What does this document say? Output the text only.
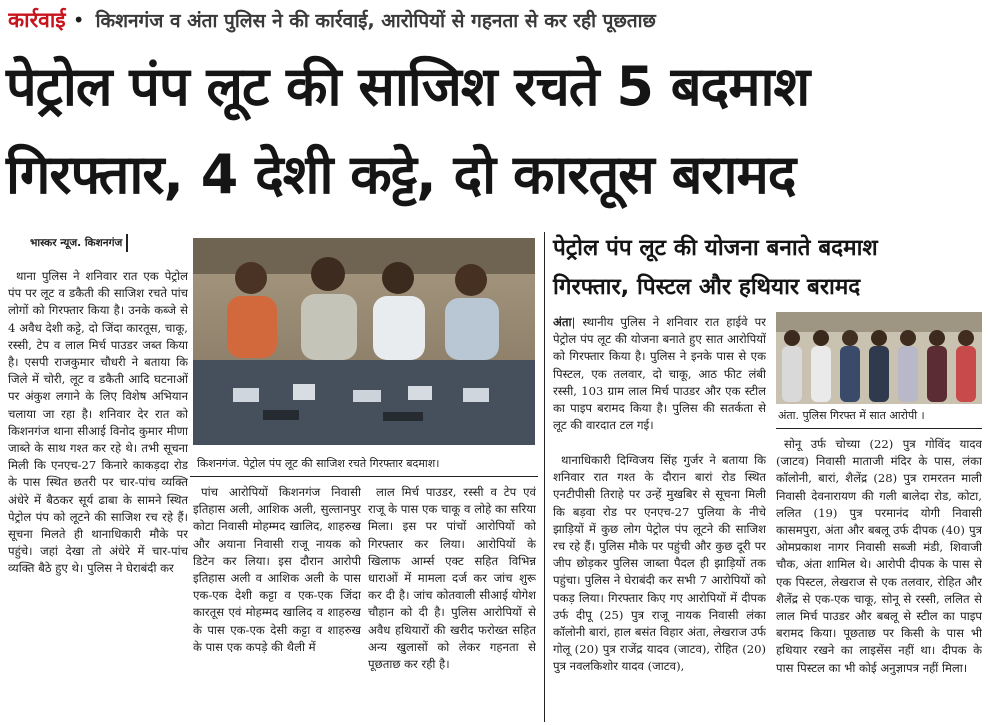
कार्रवाई • किशनगंज व अंता पुलिस ने की कार्रवाई, आरोपियों से गहनता से कर रही पूछताछ
पेट्रोल पंप लूट की साजिश रचते 5 बदमाश
गिरफ्तार, 4 देशी कट्टे, दो कारतूस बरामद
भास्कर न्यूज. किशनगंज

थाना पुलिस ने शनिवार रात एक पेट्रोल पंप पर लूट व डकैती की साजिश रचते पांच लोगों को गिरफ्तार किया है। उनके कब्जे से 4 अवैध देशी कट्टे, दो जिंदा कारतूस, चाकू, रस्सी, टेप व लाल मिर्च पाउडर जब्त किया है। एसपी राजकुमार चौधरी ने बताया कि जिले में चोरी, लूट व डकैती आदि घटनाओं पर अंकुश लगाने के लिए विशेष अभियान चलाया जा रहा है। शनिवार देर रात को किशनगंज थाना सीआई विनोद कुमार मीणा जाब्ते के साथ गश्त कर रहे थे। तभी सूचना मिली कि एनएच-27 किनारे काकड़दा रोड के पास स्थित छतरी पर चार-पांच व्यक्ति अंधेरे में बैठकर सूर्य ढाबा के सामने स्थित पेट्रोल पंप को लूटने की साजिश रच रहे हैं। सूचना मिलते ही थानाधिकारी मौके पर पहुंचे। जहां देखा तो अंधेरे में चार-पांच व्यक्ति बैठे हुए थे। पुलिस ने घेराबंदी कर

किशनगंज. पेट्रोल पंप लूट की साजिश रचते गिरफ्तार बदमाश।

पांच आरोपियों किशनगंज निवासी इतिहास अली, आशिक अली, सुल्तानपुर कोटा निवासी मोहम्मद खालिद, शाहरुख और अयाना निवासी राजू नायक को डिटेन कर लिया। इस दौरान आरोपी इतिहास अली व आशिक अली के पास एक-एक देशी कट्टा व एक-एक जिंदा कारतूस एवं मोहम्मद खालिद व शाहरुख के पास एक-एक देसी कट्टा व शाहरुख के पास एक कपड़े की थैली में

लाल मिर्च पाउडर, रस्सी व टेप एवं राजू के पास एक चाकू व लोहे का सरिया मिला। इस पर पांचों आरोपियों को गिरफ्तार कर लिया। आरोपियों के खिलाफ आर्म्स एक्ट सहित विभिन्न धाराओं में मामला दर्ज कर जांच शुरू कर दी है। जांच कोतवाली सीआई योगेश चौहान को दी है। पुलिस आरोपियों से अवैध हथियारों की खरीद फरोख्त सहित अन्य खुलासों को लेकर गहनता से पूछताछ कर रही है।

पेट्रोल पंप लूट की योजना बनाते बदमाश
गिरफ्तार, पिस्टल और हथियार बरामद

अंता| स्थानीय पुलिस ने शनिवार रात हाईवे पर पेट्रोल पंप लूट की योजना बनाते हुए सात आरोपियों को गिरफ्तार किया है। पुलिस ने इनके पास से एक पिस्टल, एक तलवार, दो चाकू, आठ फीट लंबी रस्सी, 103 ग्राम लाल मिर्च पाउडर और एक स्टील का पाइप बरामद किया है। पुलिस की सतर्कता से लूट की वारदात टल गई।

अंता. पुलिस गिरफ्त में सात आरोपी ।

थानाधिकारी दिग्विजय सिंह गुर्जर ने बताया कि शनिवार रात गश्त के दौरान बारां रोड स्थित एनटीपीसी तिराहे पर उन्हें मुखबिर से सूचना मिली कि बड़वा रोड पर एनएच-27 पुलिया के नीचे झाड़ियों में कुछ लोग पेट्रोल पंप लूटने की साजिश रच रहे हैं। पुलिस मौके पर पहुंची और कुछ दूरी पर जीप छोड़कर पुलिस जाब्ता पैदल ही झाड़ियों तक पहुंचा। पुलिस ने घेराबंदी कर सभी 7 आरोपियों को पकड़ लिया। गिरफ्तार किए गए आरोपियों में दीपक उर्फ दीपू (25) पुत्र राजू नायक निवासी लंका कॉलोनी बारां, हाल बसंत विहार अंता, लेखराज उर्फ गोलू (20) पुत्र राजेंद्र यादव (जाटव), रोहित (20) पुत्र नवलकिशोर यादव (जाटव),

सोनू उर्फ चोच्या (22) पुत्र गोविंद यादव (जाटव) निवासी माताजी मंदिर के पास, लंका कॉलोनी, बारां, शैलेंद्र (28) पुत्र रामरतन माली निवासी देवनारायण की गली बालेदा रोड, कोटा, ललित (19) पुत्र परमानंद योगी निवासी कासमपुरा, अंता और बबलू उर्फ दीपक (40) पुत्र ओमप्रकाश नागर निवासी सब्जी मंडी, शिवाजी चौक, अंता शामिल थे। आरोपी दीपक के पास से एक पिस्टल, लेखराज से एक तलवार, रोहित और शैलेंद्र से एक-एक चाकू, सोनू से रस्सी, ललित से लाल मिर्च पाउडर और बबलू से स्टील का पाइप बरामद किया। पूछताछ पर किसी के पास भी हथियार रखने का लाइसेंस नहीं था। दीपक के पास पिस्टल का भी कोई अनुज्ञापत्र नहीं मिला।
